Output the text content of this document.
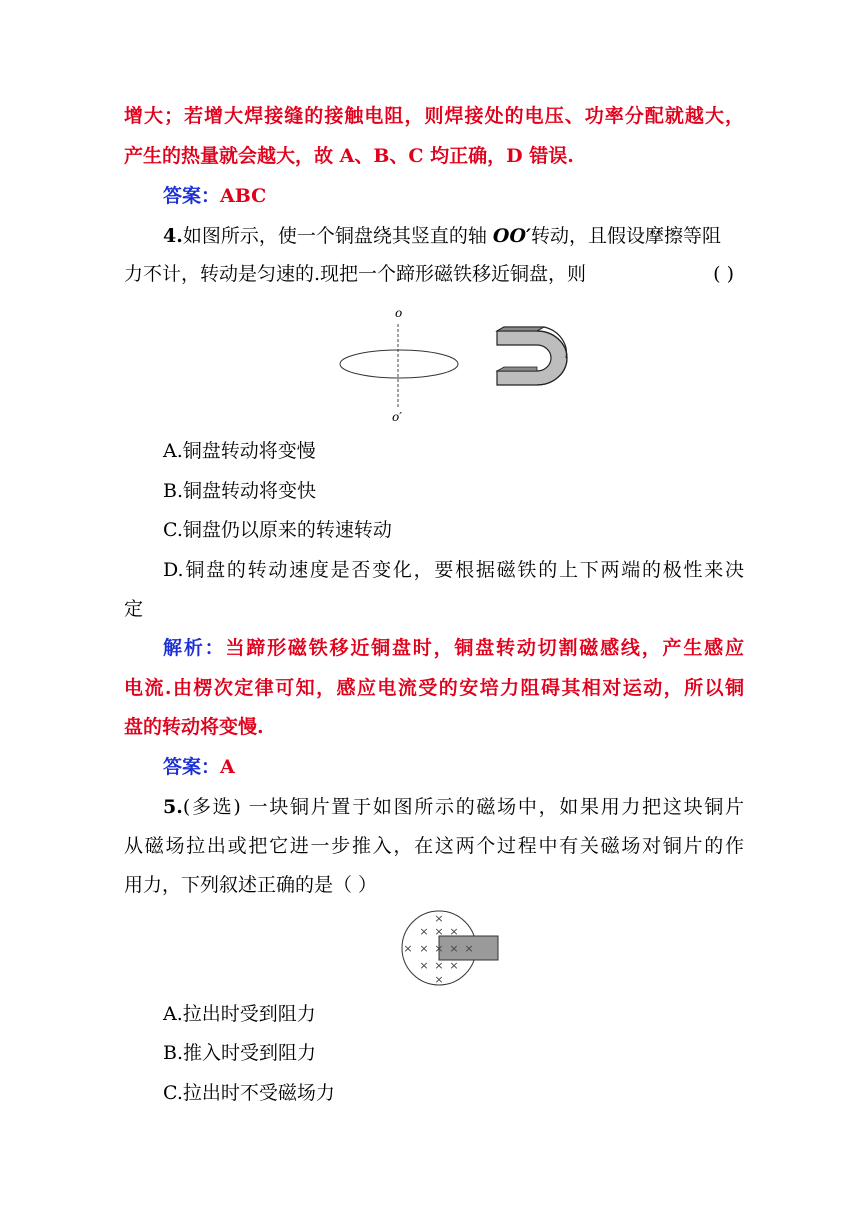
增大；若增大焊接缝的接触电阻，则焊接处的电压、功率分配就越大，
产生的热量就会越大，故 A、B、C 均正确，D 错误.
答案：ABC
4.如图所示，使一个铜盘绕其竖直的轴 OO′转动，且假设摩擦等阻
力不计，转动是匀速的.现把一个蹄形磁铁移近铜盘，则	( )
o
o′
A.铜盘转动将变慢
B.铜盘转动将变快
C.铜盘仍以原来的转速转动
D.铜盘的转动速度是否变化，要根据磁铁的上下两端的极性来决
定
解析：当蹄形磁铁移近铜盘时，铜盘转动切割磁感线，产生感应
电流.由楞次定律可知，感应电流受的安培力阻碍其相对运动，所以铜
盘的转动将变慢.
答案：A
5.(多选) 一块铜片置于如图所示的磁场中，如果用力把这块铜片
从磁场拉出或把它进一步推入，在这两个过程中有关磁场对铜片的作
用力，下列叙述正确的是（ ）
×
× × ×
× × × × ×
× × ×
×
A.拉出时受到阻力
B.推入时受到阻力
C.拉出时不受磁场力
